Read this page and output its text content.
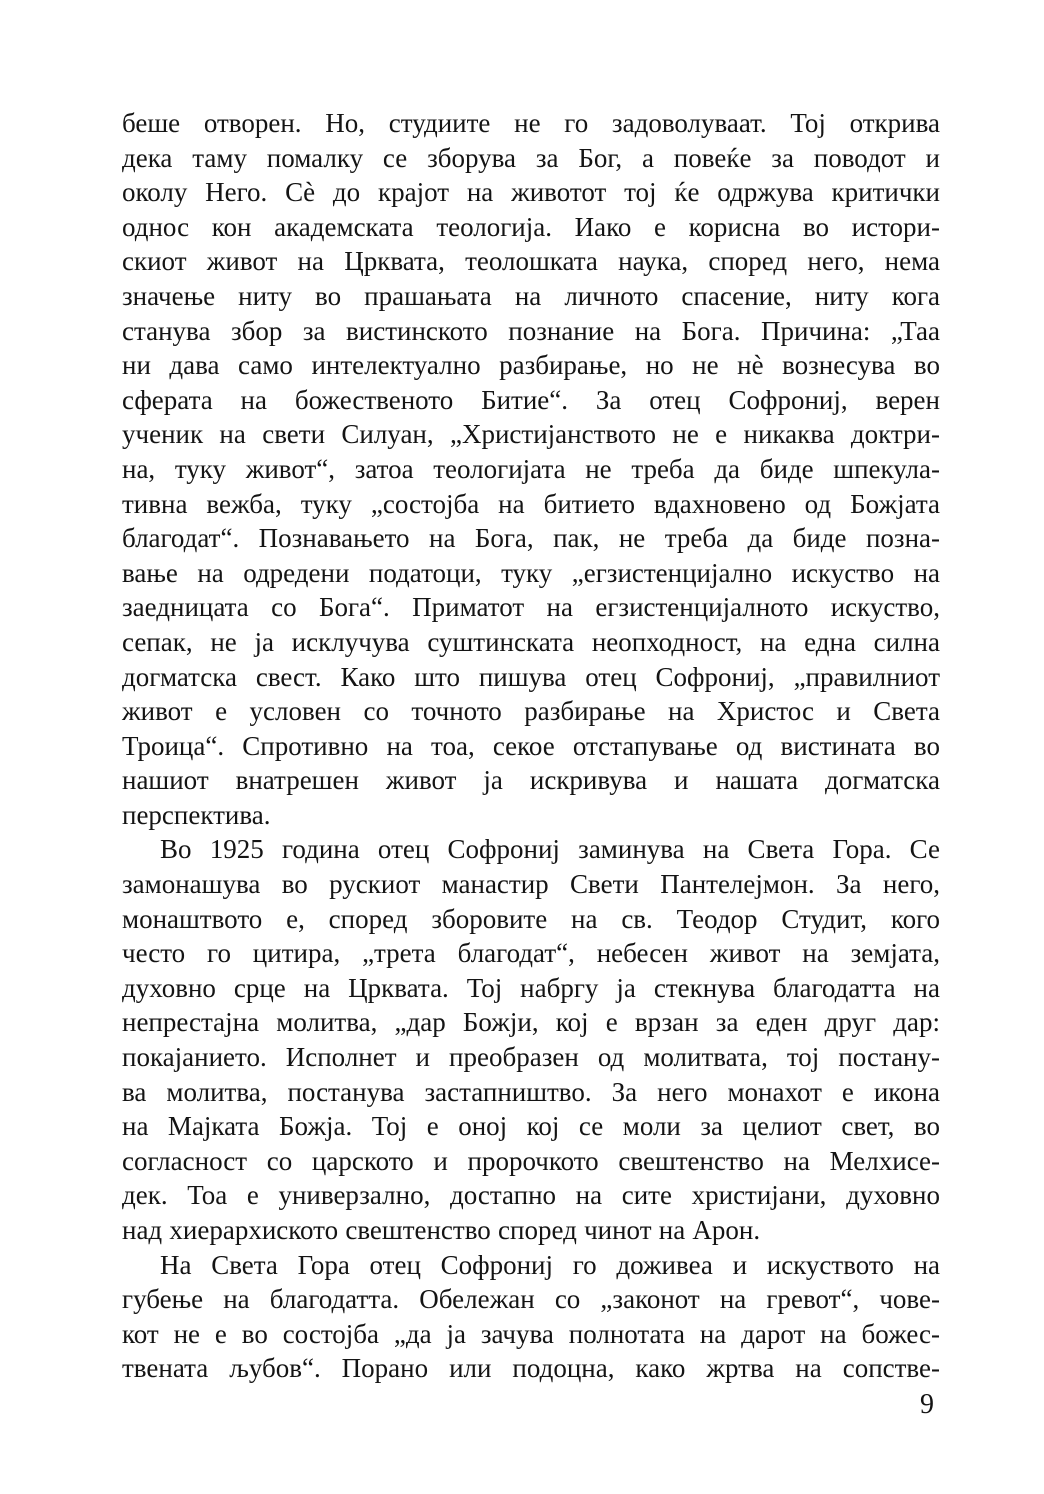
беше отворен. Но, студиите не го задоволуваат. Тој открива
дека таму помалку се зборува за Бог, а повеќе за поводот и
околу Него. Сè до крајот на животот тој ќе одржува критички
однос кон академската теологија. Иако е корисна во истори-
скиот живот на Црквата, теолошката наука, според него, нема
значење ниту во прашањата на личното спасение, ниту кога
станува збор за вистинското познание на Бога. Причина: „Таа
ни дава само интелектуално разбирање, но не нè вознесува во
сферата на божественото Битие“. За отец Софрониј, верен
ученик на свети Силуан, „Христијанството не е никаква доктри-
на, туку живот“, затоа теологијата не треба да биде шпекула-
тивна вежба, туку „состојба на битието вдахновено од Божјата
благодат“. Познавањето на Бога, пак, не треба да биде позна-
вање на одредени податоци, туку „егзистенцијално искуство на
заедницата со Бога“. Приматот на егзистенцијалното искуство,
сепак, не ја исклучува суштинската неопходност, на една силна
догматска свест. Како што пишува отец Софрониј, „правилниот
живот е условен со точното разбирање на Христос и Света
Троица“. Спротивно на тоа, секое отстапување од вистината во
нашиот внатрешен живот ја искривува и нашата догматска
перспектива.
Во 1925 година отец Софрониј заминува на Света Гора. Се
замонашува во рускиот манастир Свети Пантелејмон. За него,
монаштвото е, според зборовите на св. Теодор Студит, кого
често го цитира, „трета благодат“, небесен живот на земјата,
духовно срце на Црквата. Тој набргу ја стекнува благодатта на
непрестајна молитва, „дар Божји, кој е врзан за еден друг дар:
покајанието. Исполнет и преобразен од молитвата, тој постану-
ва молитва, постанува застапништво. За него монахот е икона
на Мајката Божја. Тој е оној кој се моли за целиот свет, во
согласност со царското и пророчкото свештенство на Мелхисе-
дек. Тоа е универзално, достапно на сите христијани, духовно
над хиерархиското свештенство според чинот на Арон.
На Света Гора отец Софрониј го доживеа и искуството на
губење на благодатта. Обележан со „законот на гревот“, чове-
кот не е во состојба „да ја зачува полнотата на дарот на божес-
твената љубов“. Порано или подоцна, како жртва на сопстве-
9
